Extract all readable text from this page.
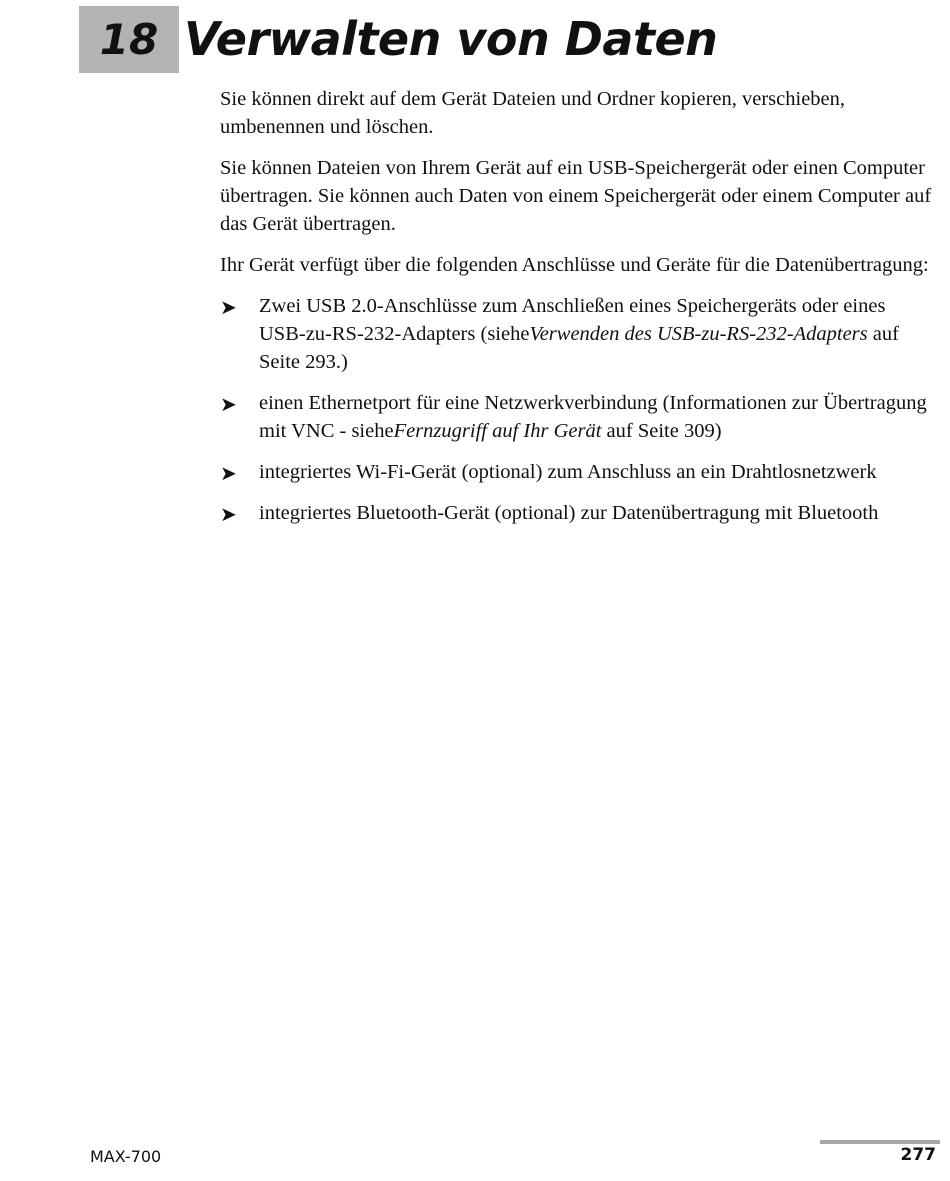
18 Verwalten von Daten

Sie können direkt auf dem Gerät Dateien und Ordner kopieren, verschieben, umbenennen und löschen.

Sie können Dateien von Ihrem Gerät auf ein USB-Speichergerät oder einen Computer übertragen. Sie können auch Daten von einem Speichergerät oder einem Computer auf das Gerät übertragen.

Ihr Gerät verfügt über die folgenden Anschlüsse und Geräte für die Datenübertragung:

➤ Zwei USB 2.0-Anschlüsse zum Anschließen eines Speichergeräts oder eines USB-zu-RS-232-Adapters (sieheVerwenden des USB-zu-RS-232-Adapters auf Seite 293.)
➤ einen Ethernetport für eine Netzwerkverbindung (Informationen zur Übertragung mit VNC - sieheFernzugriff auf Ihr Gerät auf Seite 309)
➤ integriertes Wi-Fi-Gerät (optional) zum Anschluss an ein Drahtlosnetzwerk
➤ integriertes Bluetooth-Gerät (optional) zur Datenübertragung mit Bluetooth
MAX-700	277
